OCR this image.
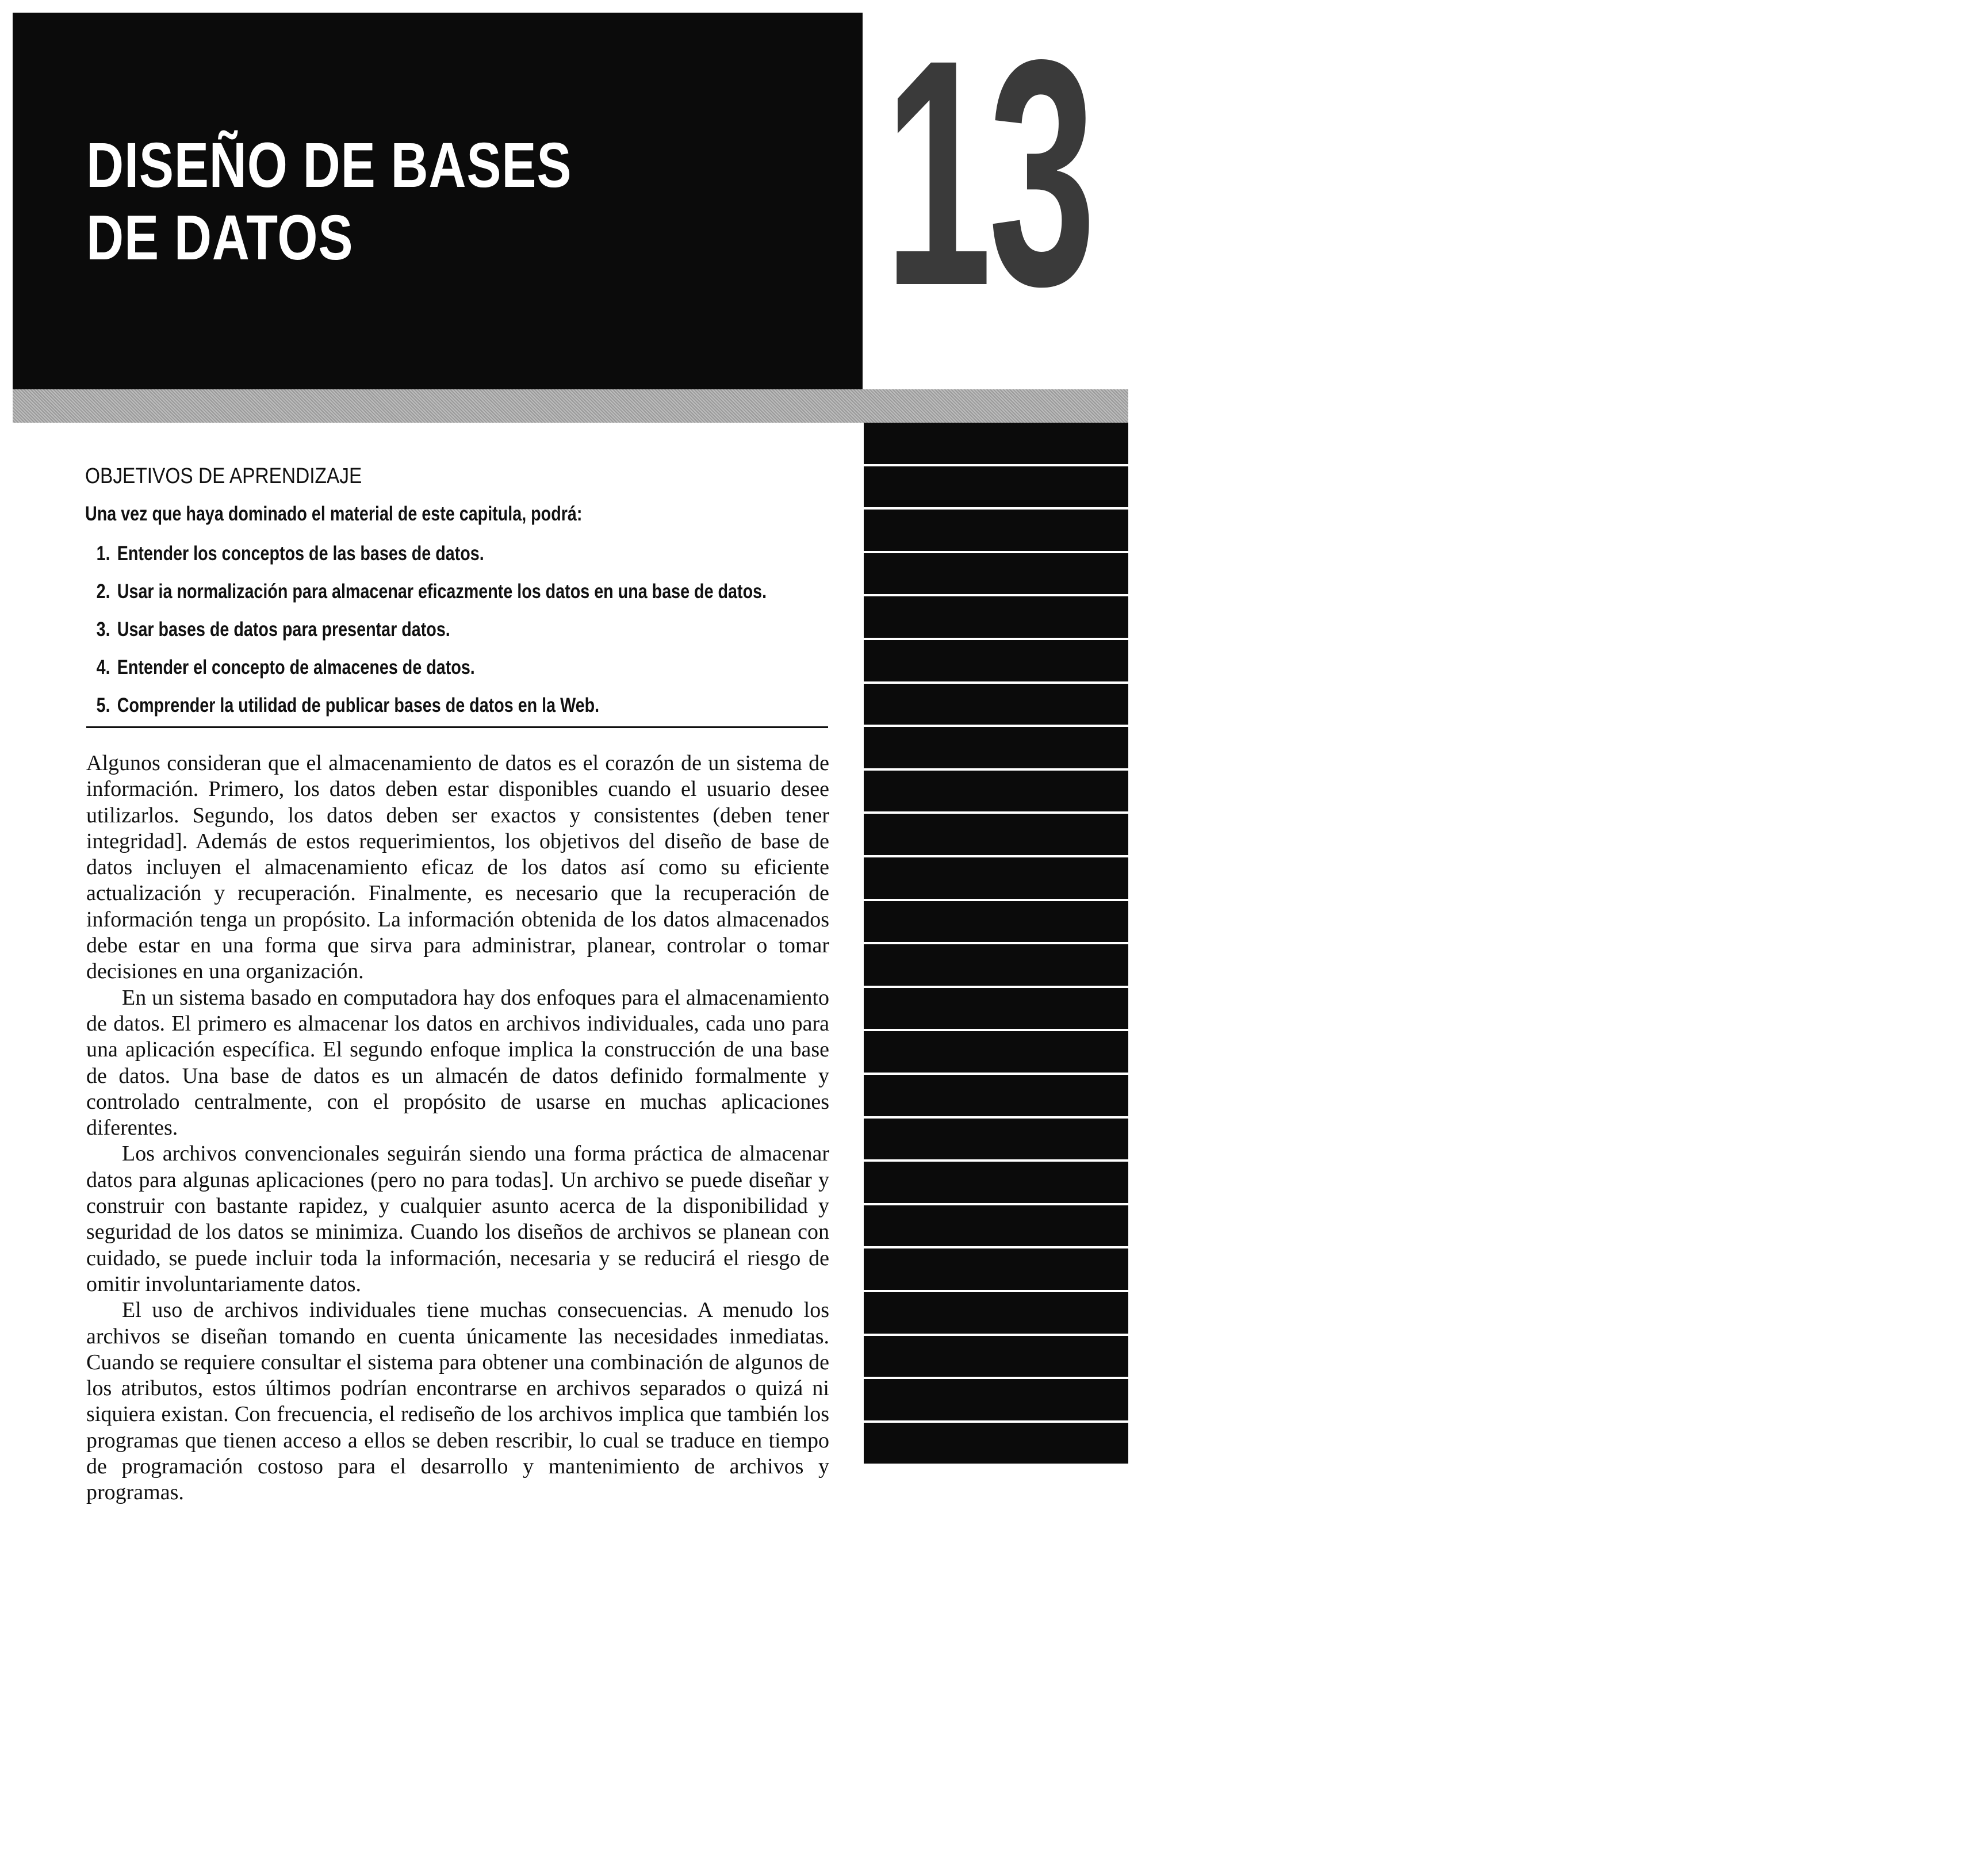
DISEÑO DE BASES
DE DATOS	13
443
OBJETIVOS DE APRENDIZAJE

Una vez que haya dominado el material de este capitula, podrá:

1. Entender los conceptos de las bases de datos.
2. Usar ia normalización para almacenar eficazmente los datos en una base de datos.
3. Usar bases de datos para presentar datos.
4. Entender el concepto de almacenes de datos.
5. Comprender la utilidad de publicar bases de datos en la Web.

Algunos consideran que el almacenamiento de datos es el corazón de un sistema de información. Primero, los datos deben estar disponibles cuando el usuario desee utilizarlos. Segundo, los datos deben ser exactos y consistentes (deben tener integridad]. Además de estos requerimientos, los objetivos del diseño de base de datos incluyen el almacenamiento eficaz de los datos así como su eficiente actualización y recuperación. Finalmente, es necesario que la recuperación de información tenga un propósito. La información obtenida de los datos almacenados debe estar en una forma que sirva para administrar, planear, controlar o tomar decisiones en una organización.

En un sistema basado en computadora hay dos enfoques para el almacenamiento de datos. El primero es almacenar los datos en archivos individuales, cada uno para una aplicación específica. El segundo enfoque implica la construcción de una base de datos. Una base de datos es un almacén de datos definido formalmente y controlado centralmente, con el propósito de usarse en muchas aplicaciones diferentes.

Los archivos convencionales seguirán siendo una forma práctica de almacenar datos para algunas aplicaciones (pero no para todas]. Un archivo se puede diseñar y construir con bastante rapidez, y cualquier asunto acerca de la disponibilidad y seguridad de los datos se minimiza. Cuando los diseños de archivos se planean con cuidado, se puede incluir toda la información, necesaria y se reducirá el riesgo de omitir involuntariamente datos.

El uso de archivos individuales tiene muchas consecuencias. A menudo los archivos se diseñan tomando en cuenta únicamente las necesidades inmediatas. Cuando se requiere consultar el sistema para obtener una combinación de algunos de los atributos, estos últimos podrían encontrarse en archivos separados o quizá ni siquiera existan. Con frecuencia, el rediseño de los archivos implica que también los programas que tienen acceso a ellos se deben rescribir, lo cual se traduce en tiempo de programación costoso para el desarrollo y mantenimiento de archivos y programas.
